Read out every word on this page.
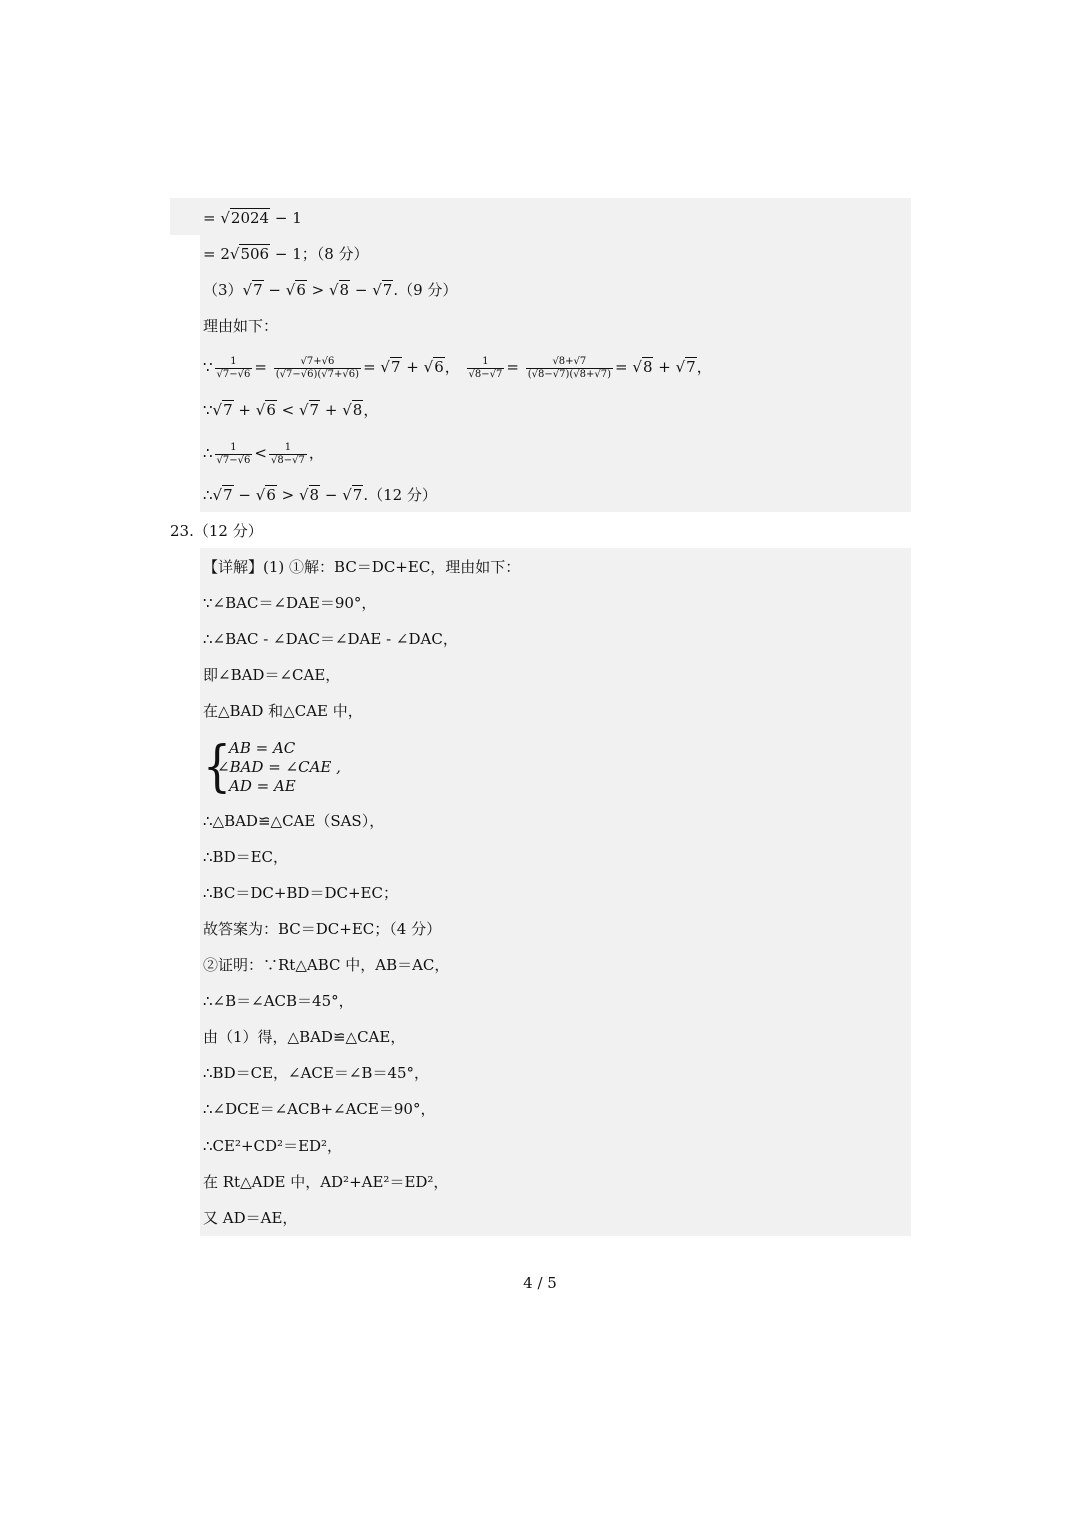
= √2024 − 1
= 2√506 − 1；（8 分）
（3）√7 − √6 > √8 − √7.（9 分）
理由如下：
∵ $\frac{1}{√7-√6} = \frac{√7+√6}{(√7-√6)(√7+√6)} = √7 + √6$， $\frac{1}{√8-√7} = \frac{√8+√7}{(√8-√7)(√8+√7)} = √8 + √7$，
∵√7 + √6 < √7 + √8，
∴ $\frac{1}{√7-√6} < \frac{1}{√8-√7}$ ，
∴√7 − √6 > √8 − √7.（12 分）
23.（12 分）
【详解】(1) ①解：BC＝DC+EC，理由如下：
∵∠BAC＝∠DAE＝90°，
∴∠BAC - ∠DAC＝∠DAE - ∠DAC，
即∠BAD＝∠CAE，
在△BAD 和△CAE 中，
{
AB = AC
∠BAD = ∠CAE ,
AD = AE
∴△BAD≌△CAE（SAS），
∴BD＝EC，
∴BC＝DC+BD＝DC+EC；
故答案为：BC＝DC+EC；（4 分）
②证明：∵Rt△ABC 中，AB＝AC，
∴∠B＝∠ACB＝45°，
由（1）得，△BAD≌△CAE，
∴BD＝CE，∠ACE＝∠B＝45°，
∴∠DCE＝∠ACB+∠ACE＝90°，
∴CE²+CD²＝ED²，
在 Rt△ADE 中，AD²+AE²＝ED²，
又 AD＝AE，
4 / 5
